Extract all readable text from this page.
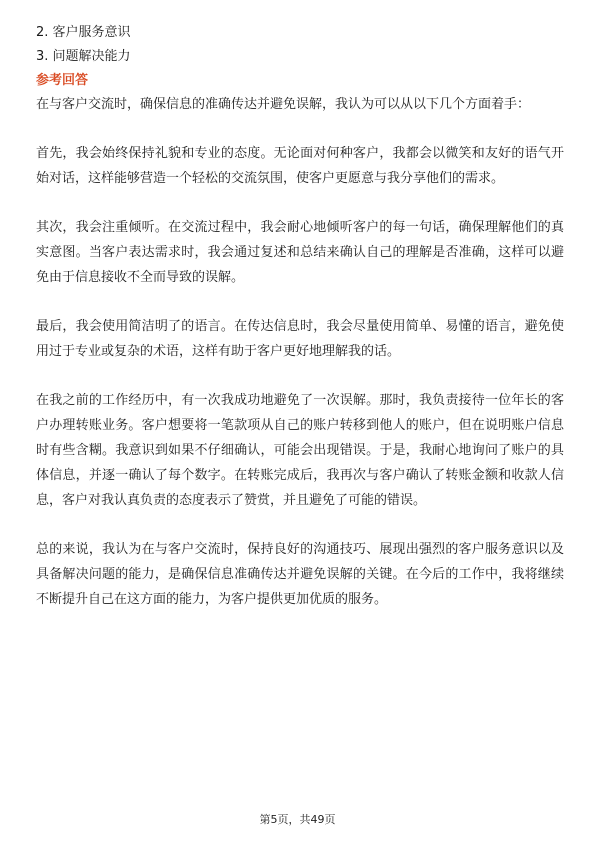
2. 客户服务意识
3. 问题解决能力
参考回答

在与客户交流时，确保信息的准确传达并避免误解，我认为可以从以下几个方面着手：

首先，我会始终保持礼貌和专业的态度。无论面对何种客户，我都会以微笑和友好的语气开始对话，这样能够营造一个轻松的交流氛围，使客户更愿意与我分享他们的需求。

其次，我会注重倾听。在交流过程中，我会耐心地倾听客户的每一句话，确保理解他们的真实意图。当客户表达需求时，我会通过复述和总结来确认自己的理解是否准确，这样可以避免由于信息接收不全而导致的误解。

最后，我会使用简洁明了的语言。在传达信息时，我会尽量使用简单、易懂的语言，避免使用过于专业或复杂的术语，这样有助于客户更好地理解我的话。

在我之前的工作经历中，有一次我成功地避免了一次误解。那时，我负责接待一位年长的客户办理转账业务。客户想要将一笔款项从自己的账户转移到他人的账户，但在说明账户信息时有些含糊。我意识到如果不仔细确认，可能会出现错误。于是，我耐心地询问了账户的具体信息，并逐一确认了每个数字。在转账完成后，我再次与客户确认了转账金额和收款人信息，客户对我认真负责的态度表示了赞赏，并且避免了可能的错误。

总的来说，我认为在与客户交流时，保持良好的沟通技巧、展现出强烈的客户服务意识以及具备解决问题的能力，是确保信息准确传达并避免误解的关键。在今后的工作中，我将继续不断提升自己在这方面的能力，为客户提供更加优质的服务。

第5页，共49页
